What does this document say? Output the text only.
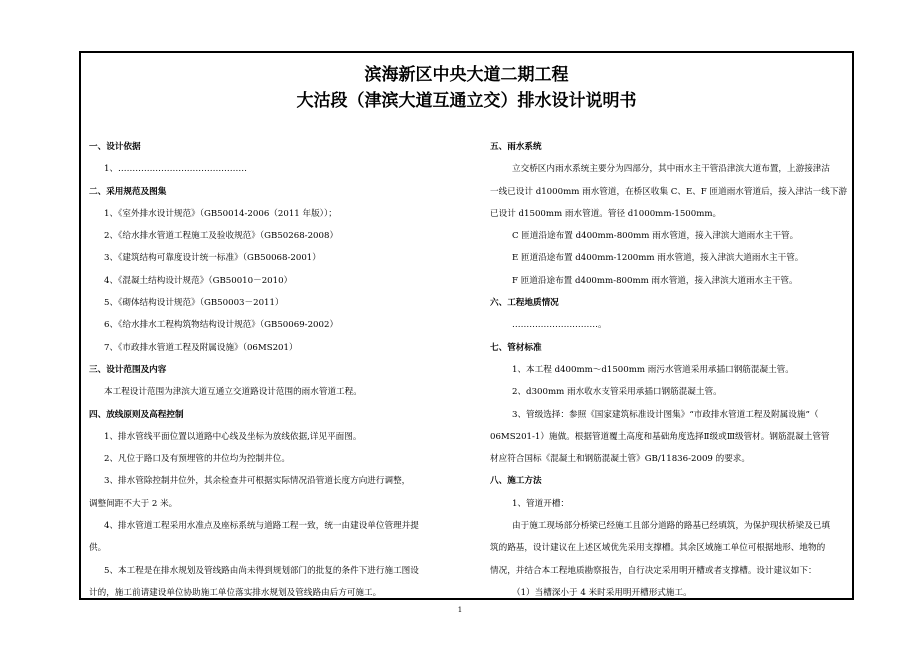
滨海新区中央大道二期工程
大沽段（津滨大道互通立交）排水设计说明书
一、设计依据
1、………………………………………
二、采用规范及图集
1、《室外排水设计规范》（GB50014-2006（2011 年版））；
2、《给水排水管道工程施工及验收规范》（GB50268-2008）
3、《建筑结构可靠度设计统一标准》（GB50068-2001）
4、《混凝土结构设计规范》（GB50010－2010）
5、《砌体结构设计规范》（GB50003－2011）
6、《给水排水工程构筑物结构设计规范》（GB50069-2002）
7、《市政排水管道工程及附属设施》（06MS201）
三、设计范围及内容
本工程设计范围为津滨大道互通立交道路设计范围的雨水管道工程。
四、放线原则及高程控制
1、排水管线平面位置以道路中心线及坐标为放线依据,详见平面图。
2、凡位于路口及有预埋管的井位均为控制井位。
3、排水管除控制井位外，其余检查井可根据实际情况沿管道长度方向进行调整，
调整间距不大于 2 米。
4、排水管道工程采用水准点及座标系统与道路工程一致，统一由建设单位管理并提
供。
5、本工程是在排水规划及管线路由尚未得到规划部门的批复的条件下进行施工图设
计的，施工前请建设单位协助施工单位落实排水规划及管线路由后方可施工。
五、雨水系统
立交桥区内雨水系统主要分为四部分，其中雨水主干管沿津滨大道布置，上游接津沽
一线已设计 d1000mm 雨水管道，在桥区收集 C、E、F 匝道雨水管道后，接入津沽一线下游
已设计 d1500mm 雨水管道。管径 d1000mm-1500mm。
C 匝道沿途布置 d400mm-800mm 雨水管道，接入津滨大道雨水主干管。
E 匝道沿途布置 d400mm-1200mm 雨水管道，接入津滨大道雨水主干管。
F 匝道沿途布置 d400mm-800mm 雨水管道，接入津滨大道雨水主干管。
六、工程地质情况
…………………………。
七、管材标准
1、本工程 d400mm～d1500mm 雨污水管道采用承插口钢筋混凝土管。
2、d300mm 雨水收水支管采用承插口钢筋混凝土管。
3、管级选择：参照《国家建筑标准设计图集》“市政排水管道工程及附属设施”（
06MS201-1）施做。根据管道覆土高度和基础角度选择Ⅱ级或Ⅲ级管材。钢筋混凝土管管
材应符合国标《混凝土和钢筋混凝土管》GB/11836-2009 的要求。
八、施工方法
1、管道开槽：
由于施工现场部分桥梁已经施工且部分道路的路基已经填筑，为保护现状桥梁及已填
筑的路基，设计建议在上述区域优先采用支撑槽。其余区域施工单位可根据地形、地物的
情况，并结合本工程地质勘察报告，自行决定采用明开槽或者支撑槽。设计建议如下：
（1）当槽深小于 4 米时采用明开槽形式施工。
1
